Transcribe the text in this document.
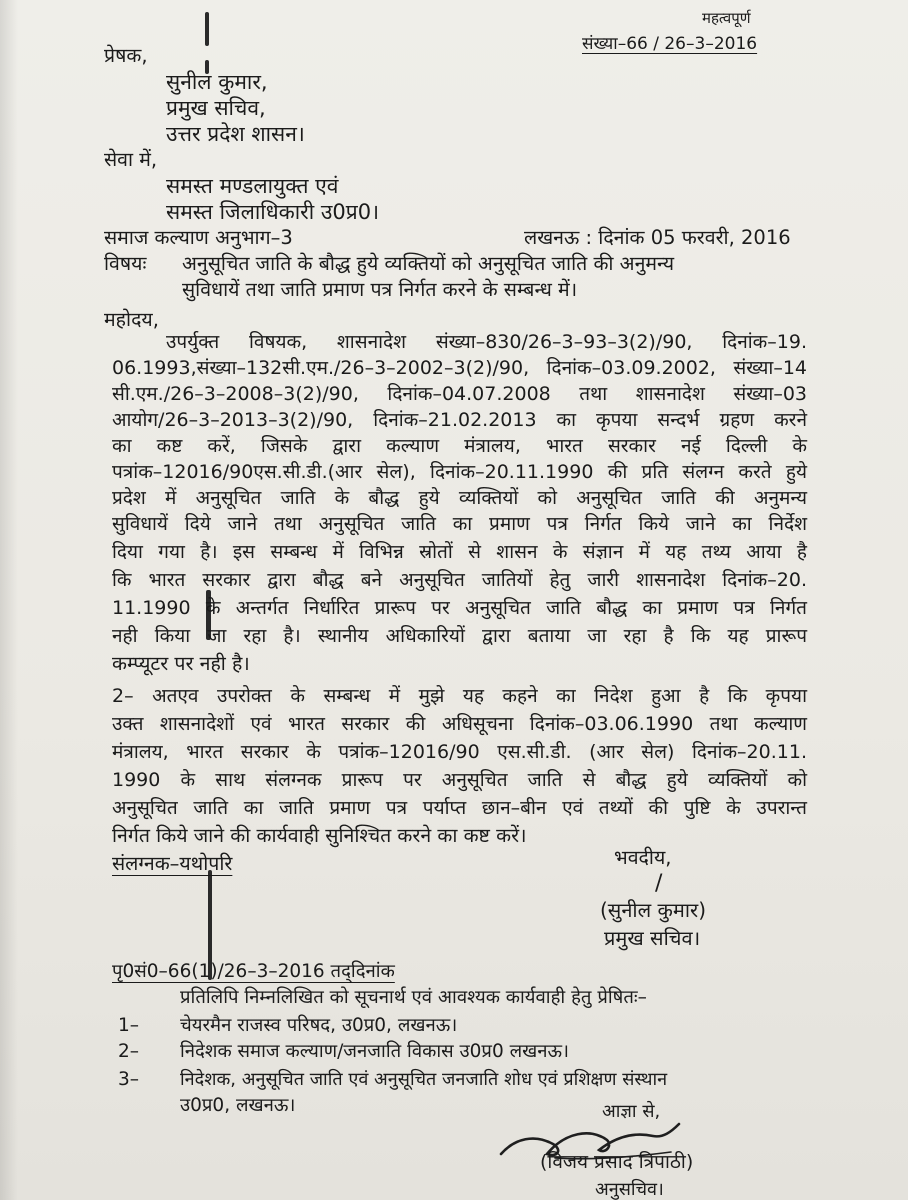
महत्वपूर्ण
संख्या–66 / 26–3–2016
प्रेषक,
सुनील कुमार,
प्रमुख सचिव,
उत्तर प्रदेश शासन।
सेवा में,
समस्त मण्डलायुक्त एवं
समस्त जिलाधिकारी उ0प्र0।
समाज कल्याण अनुभाग–3	लखनऊ : दिनांक 05 फरवरी, 2016
विषयः अनुसूचित जाति के बौद्ध हुये व्यक्तियों को अनुसूचित जाति की अनुमन्य
सुविधायें तथा जाति प्रमाण पत्र निर्गत करने के सम्बन्ध में।
महोदय,
उपर्युक्त विषयक, शासनादेश संख्या–830/26–3–93–3(2)/90, दिनांक–19.
06.1993,संख्या–132सी.एम./26–3–2002–3(2)/90, दिनांक–03.09.2002, संख्या–14
सी.एम./26–3–2008–3(2)/90, दिनांक–04.07.2008 तथा शासनादेश संख्या–03
आयोग/26–3–2013–3(2)/90, दिनांक–21.02.2013 का कृपया सन्दर्भ ग्रहण करने
का कष्ट करें, जिसके द्वारा कल्याण मंत्रालय, भारत सरकार नई दिल्ली के
पत्रांक–12016/90एस.सी.डी.(आर सेल), दिनांक–20.11.1990 की प्रति संलग्न करते हुये
प्रदेश में अनुसूचित जाति के बौद्ध हुये व्यक्तियों को अनुसूचित जाति की अनुमन्य
सुविधायें दिये जाने तथा अनुसूचित जाति का प्रमाण पत्र निर्गत किये जाने का निर्देश
दिया गया है। इस सम्बन्ध में विभिन्न स्रोतों से शासन के संज्ञान में यह तथ्य आया है
कि भारत सरकार द्वारा बौद्ध बने अनुसूचित जातियों हेतु जारी शासनादेश दिनांक–20.
11.1990 के अन्तर्गत निर्धारित प्रारूप पर अनुसूचित जाति बौद्ध का प्रमाण पत्र निर्गत
नही किया जा रहा है। स्थानीय अधिकारियों द्वारा बताया जा रहा है कि यह प्रारूप
कम्प्यूटर पर नही है।
2– अतएव उपरोक्त के सम्बन्ध में मुझे यह कहने का निदेश हुआ है कि कृपया
उक्त शासनादेशों एवं भारत सरकार की अधिसूचना दिनांक–03.06.1990 तथा कल्याण
मंत्रालय, भारत सरकार के पत्रांक–12016/90 एस.सी.डी. (आर सेल) दिनांक–20.11.
1990 के साथ संलग्नक प्रारूप पर अनुसूचित जाति से बौद्ध हुये व्यक्तियों को
अनुसूचित जाति का जाति प्रमाण पत्र पर्याप्त छान–बीन एवं तथ्यों की पुष्टि के उपरान्त
निर्गत किये जाने की कार्यवाही सुनिश्चित करने का कष्ट करें।
भवदीय,
संलग्नक–यथोपरि
/
(सुनील कुमार)
प्रमुख सचिव।
पृ0सं0–66(1)/26–3–2016 तद्‌दिनांक
प्रतिलिपि निम्नलिखित को सूचनार्थ एवं आवश्यक कार्यवाही हेतु प्रेषितः–
1– चेयरमैन राजस्व परिषद, उ0प्र0, लखनऊ।
2– निदेशक समाज कल्याण/जनजाति विकास उ0प्र0 लखनऊ।
3– निदेशक, अनुसूचित जाति एवं अनुसूचित जनजाति शोध एवं प्रशिक्षण संस्थान
उ0प्र0, लखनऊ।	आज्ञा से,
(विजय प्रसाद त्रिपाठी)
अनुसचिव।
